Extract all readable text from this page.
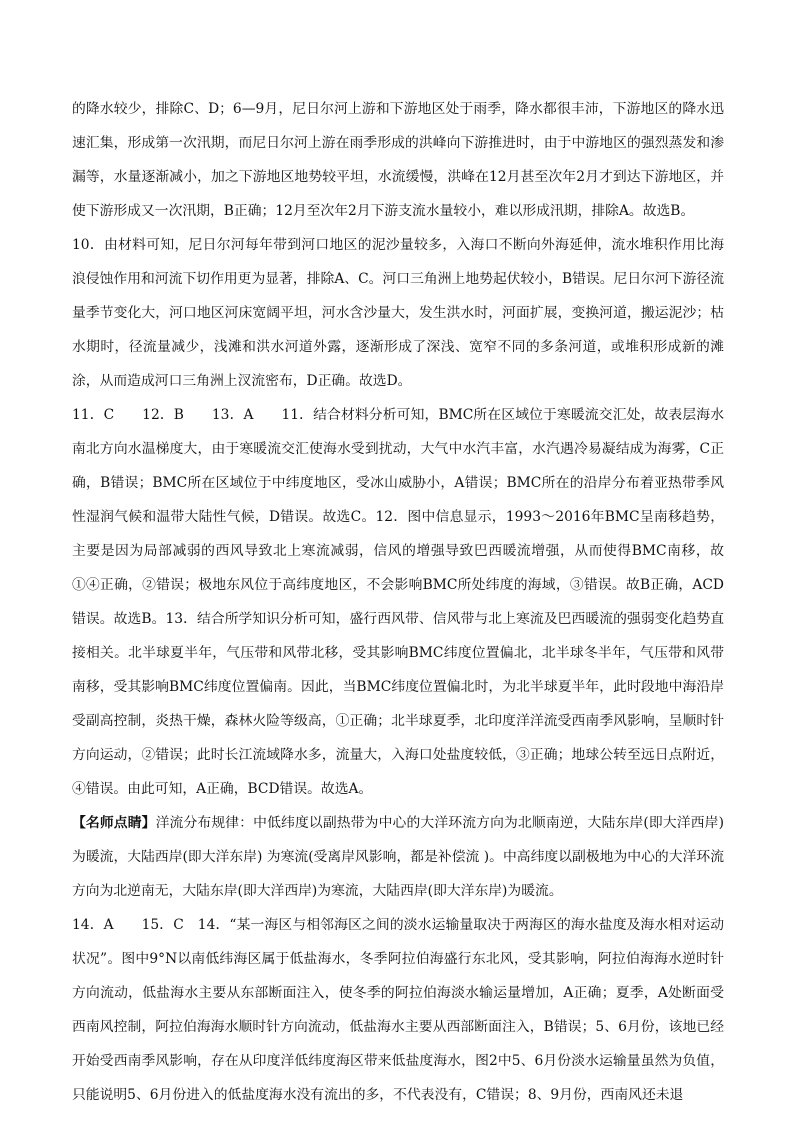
的降水较少，排除C、D；6—9月，尼日尔河上游和下游地区处于雨季，降水都很丰沛，下游地区的降水迅速汇集，形成第一次汛期，而尼日尔河上游在雨季形成的洪峰向下游推进时，由于中游地区的强烈蒸发和渗漏等，水量逐渐减小，加之下游地区地势较平坦，水流缓慢，洪峰在12月甚至次年2月才到达下游地区，并使下游形成又一次汛期，B正确；12月至次年2月下游支流水量较小，难以形成汛期，排除A。故选B。

10．由材料可知，尼日尔河每年带到河口地区的泥沙量较多，入海口不断向外海延伸，流水堆积作用比海浪侵蚀作用和河流下切作用更为显著，排除A、C。河口三角洲上地势起伏较小，B错误。尼日尔河下游径流量季节变化大，河口地区河床宽阔平坦，河水含沙量大，发生洪水时，河面扩展，变换河道，搬运泥沙；枯水期时，径流量减少，浅滩和洪水河道外露，逐渐形成了深浅、宽窄不同的多条河道，或堆积形成新的滩涂，从而造成河口三角洲上汊流密布，D正确。故选D。

11．C　　12．B　　13．A　　11．结合材料分析可知，BMC所在区域位于寒暖流交汇处，故表层海水南北方向水温梯度大，由于寒暖流交汇使海水受到扰动，大气中水汽丰富，水汽遇冷易凝结成为海雾，C正确，B错误；BMC所在区域位于中纬度地区，受冰山威胁小，A错误；BMC所在的沿岸分布着亚热带季风性湿润气候和温带大陆性气候，D错误。故选C。12．图中信息显示，1993～2016年BMC呈南移趋势，主要是因为局部减弱的西风导致北上寒流减弱，信风的增强导致巴西暖流增强，从而使得BMC南移，故①④正确，②错误；极地东风位于高纬度地区，不会影响BMC所处纬度的海域，③错误。故B正确，ACD错误。故选B。13．结合所学知识分析可知，盛行西风带、信风带与北上寒流及巴西暖流的强弱变化趋势直接相关。北半球夏半年，气压带和风带北移，受其影响BMC纬度位置偏北，北半球冬半年，气压带和风带南移，受其影响BMC纬度位置偏南。因此，当BMC纬度位置偏北时，为北半球夏半年，此时段地中海沿岸受副高控制，炎热干燥，森林火险等级高，①正确；北半球夏季，北印度洋洋流受西南季风影响，呈顺时针方向运动，②错误；此时长江流域降水多，流量大，入海口处盐度较低，③正确；地球公转至远日点附近，④错误。由此可知，A正确，BCD错误。故选A。

【名师点睛】洋流分布规律：中低纬度以副热带为中心的大洋环流方向为北顺南逆，大陆东岸(即大洋西岸)为暖流，大陆西岸(即大洋东岸) 为寒流(受离岸风影响，都是补偿流 )。中高纬度以副极地为中心的大洋环流方向为北逆南无，大陆东岸(即大洋西岸)为寒流，大陆西岸(即大洋东岸)为暖流。

14．A　　15．C　14．“某一海区与相邻海区之间的淡水运输量取决于两海区的海水盐度及海水相对运动状况”。图中9°N以南低纬海区属于低盐海水，冬季阿拉伯海盛行东北风，受其影响，阿拉伯海海水逆时针方向流动，低盐海水主要从东部断面注入，使冬季的阿拉伯海淡水输运量增加，A正确；夏季，A处断面受西南风控制，阿拉伯海海水顺时针方向流动，低盐海水主要从西部断面注入，B错误；5、6月份，该地已经开始受西南季风影响，存在从印度洋低纬度海区带来低盐度海水，图2中5、6月份淡水运输量虽然为负值，只能说明5、6月份进入的低盐度海水没有流出的多，不代表没有，C错误；8、9月份，西南风还未退
